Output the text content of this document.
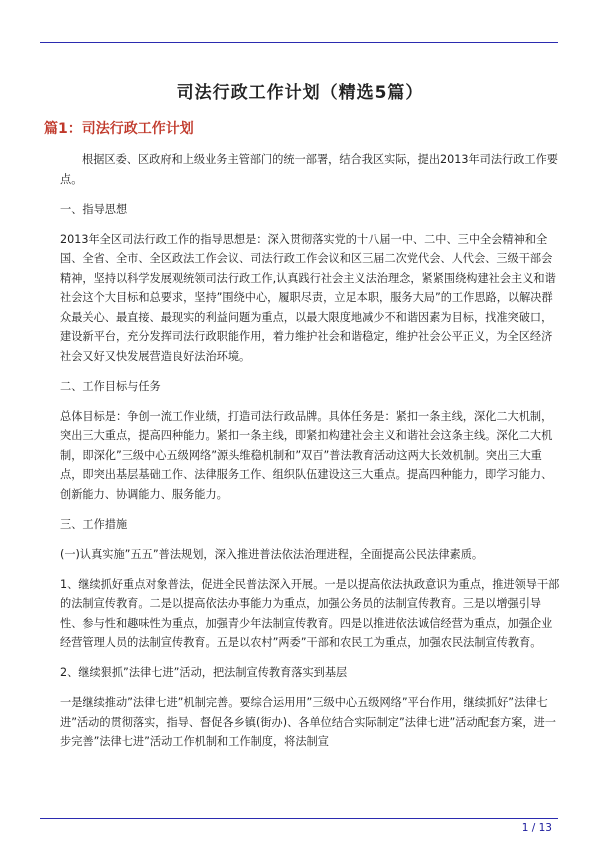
司法行政工作计划（精选5篇）
篇1：司法行政工作计划

根据区委、区政府和上级业务主管部门的统一部署，结合我区实际，提出2013年司法行政工作要点。

一、指导思想

2013年全区司法行政工作的指导思想是：深入贯彻落实党的十八届一中、二中、三中全会精神和全国、全省、全市、全区政法工作会议、司法行政工作会议和区三届二次党代会、人代会、三级干部会精神，坚持以科学发展观统领司法行政工作,认真践行社会主义法治理念，紧紧围绕构建社会主义和谐社会这个大目标和总要求，坚持”围绕中心，履职尽责，立足本职，服务大局”的工作思路，以解决群众最关心、最直接、最现实的利益问题为重点，以最大限度地减少不和谐因素为目标，找准突破口，建设新平台，充分发挥司法行政职能作用，着力维护社会和谐稳定，维护社会公平正义，为全区经济社会又好又快发展营造良好法治环境。

二、工作目标与任务

总体目标是：争创一流工作业绩，打造司法行政品牌。具体任务是：紧扣一条主线，深化二大机制，突出三大重点，提高四种能力。紧扣一条主线，即紧扣构建社会主义和谐社会这条主线。深化二大机制，即深化”三级中心五级网络”源头维稳机制和”双百”普法教育活动这两大长效机制。突出三大重点，即突出基层基础工作、法律服务工作、组织队伍建设这三大重点。提高四种能力，即学习能力、创新能力、协调能力、服务能力。

三、工作措施

(一)认真实施”五五”普法规划，深入推进普法依法治理进程，全面提高公民法律素质。

1、继续抓好重点对象普法，促进全民普法深入开展。一是以提高依法执政意识为重点，推进领导干部的法制宣传教育。二是以提高依法办事能力为重点，加强公务员的法制宣传教育。三是以增强引导性、参与性和趣味性为重点，加强青少年法制宣传教育。四是以推进依法诚信经营为重点，加强企业经营管理人员的法制宣传教育。五是以农村”两委”干部和农民工为重点，加强农民法制宣传教育。

2、继续狠抓”法律七进”活动，把法制宣传教育落实到基层

一是继续推动”法律七进”机制完善。要综合运用用”三级中心五级网络”平台作用，继续抓好”法律七进”活动的贯彻落实，指导、督促各乡镇(街办)、各单位结合实际制定”法律七进”活动配套方案，进一步完善”法律七进”活动工作机制和工作制度，将法制宣

1 / 13
